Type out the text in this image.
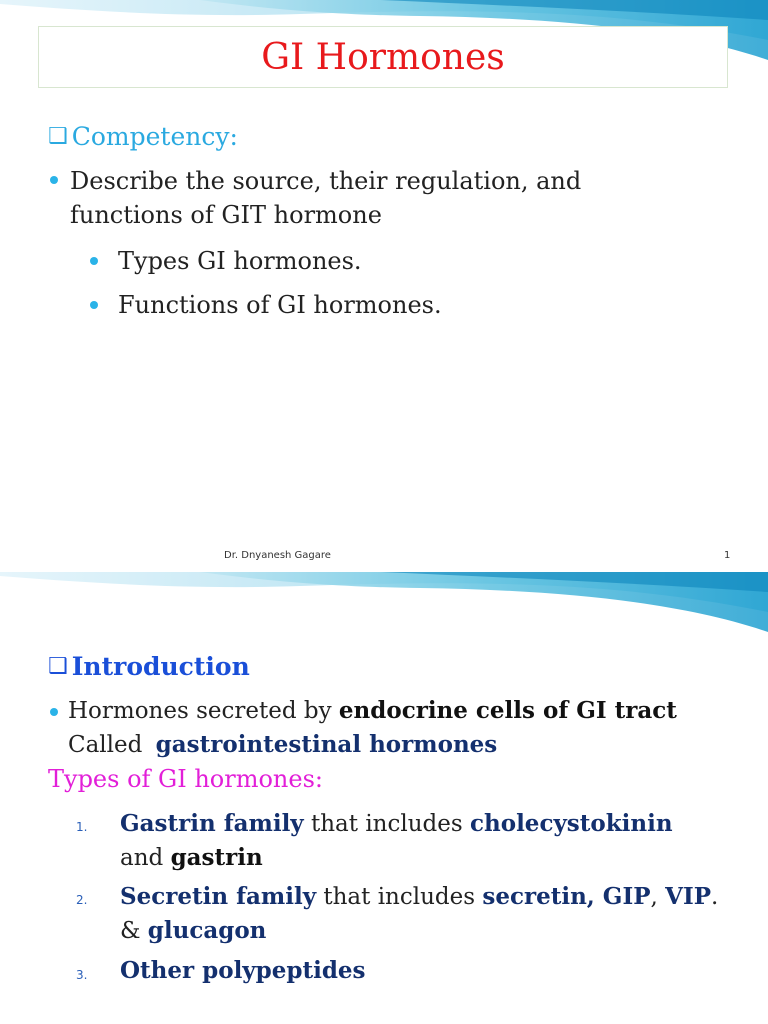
GI Hormones
❑ Competency:
Describe the source, their regulation, and
functions of GIT hormone
Types GI hormones.
Functions of GI hormones.
Dr. Dnyanesh Gagare	1
❑ Introduction
Hormones secreted by endocrine cells of GI tract
Called gastrointestinal hormones
Types of GI hormones:
1. Gastrin family that includes cholecystokinin
and gastrin
2. Secretin family that includes secretin, GIP, VIP.
& glucagon
3. Other polypeptides
